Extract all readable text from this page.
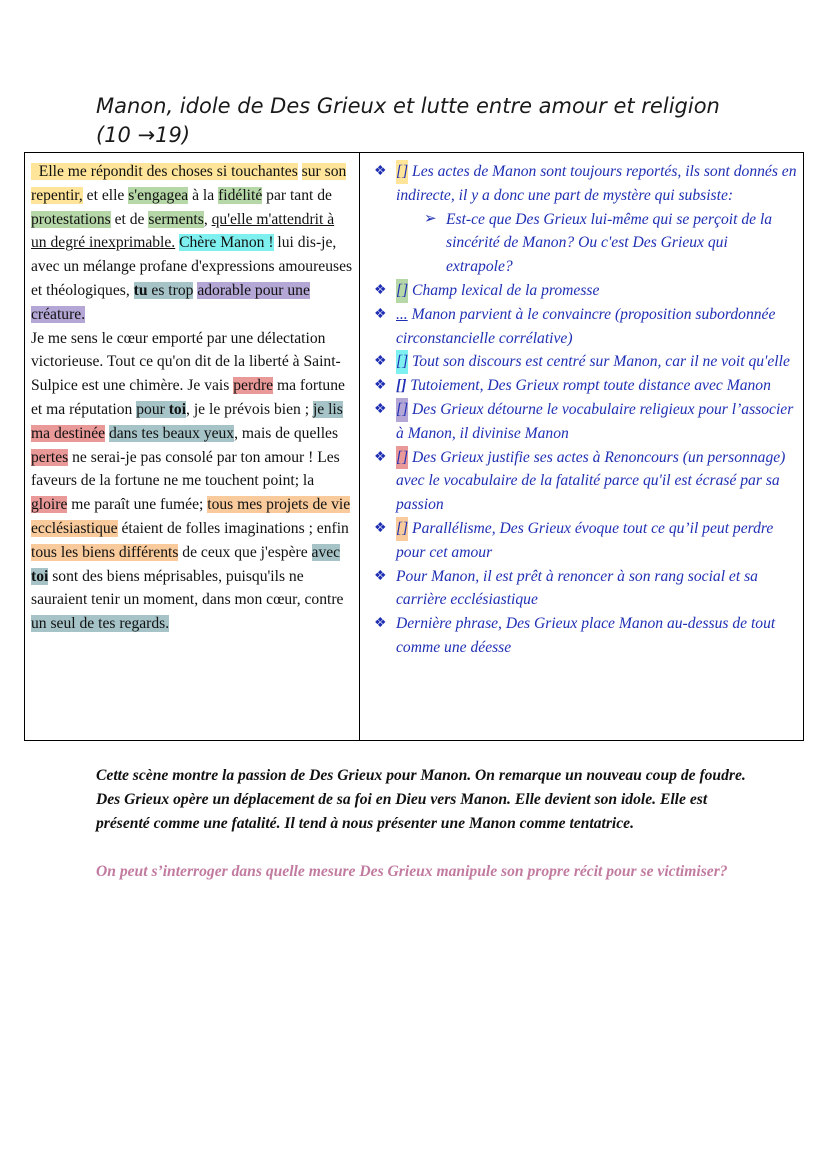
Manon, idole de Des Grieux et lutte entre amour et religion (10 →19)
Elle me répondit des choses si touchantes sur son repentir, et elle s'engagea à la fidélité par tant de protestations et de serments, qu'elle m'attendrit à un degré inexprimable. Chère Manon ! lui dis-je, avec un mélange profane d'expressions amoureuses et théologiques, tu es trop adorable pour une créature.
Je me sens le cœur emporté par une délectation victorieuse. Tout ce qu'on dit de la liberté à Saint-Sulpice est une chimère. Je vais perdre ma fortune et ma réputation pour toi, je le prévois bien ; je lis ma destinée dans tes beaux yeux, mais de quelles pertes ne serai-je pas consolé par ton amour ! Les faveurs de la fortune ne me touchent point; la gloire me paraît une fumée; tous mes projets de vie ecclésiastique étaient de folles imaginations ; enfin tous les biens différents de ceux que j'espère avec toi sont des biens méprisables, puisqu'ils ne sauraient tenir un moment, dans mon cœur, contre un seul de tes regards.
❖ [] Les actes de Manon sont toujours reportés, ils sont donnés en indirecte, il y a donc une part de mystère qui subsiste:
➢ Est-ce que Des Grieux lui-même qui se perçoit de la sincérité de Manon? Ou c'est Des Grieux qui extrapole?
❖ [] Champ lexical de la promesse
❖ ... Manon parvient à le convaincre (proposition subordonnée circonstancielle corrélative)
❖ [] Tout son discours est centré sur Manon, car il ne voit qu'elle
❖ [] Tutoiement, Des Grieux rompt toute distance avec Manon
❖ [] Des Grieux détourne le vocabulaire religieux pour l’associer à Manon, il divinise Manon
❖ [] Des Grieux justifie ses actes à Renoncours (un personnage) avec le vocabulaire de la fatalité parce qu'il est écrasé par sa passion
❖ [] Parallélisme, Des Grieux évoque tout ce qu’il peut perdre pour cet amour
❖ Pour Manon, il est prêt à renoncer à son rang social et sa carrière ecclésiastique
❖ Dernière phrase, Des Grieux place Manon au-dessus de tout comme une déesse

Cette scène montre la passion de Des Grieux pour Manon. On remarque un nouveau coup de foudre. Des Grieux opère un déplacement de sa foi en Dieu vers Manon. Elle devient son idole. Elle est présenté comme une fatalité. Il tend à nous présenter une Manon comme tentatrice.

On peut s’interroger dans quelle mesure Des Grieux manipule son propre récit pour se victimiser?
